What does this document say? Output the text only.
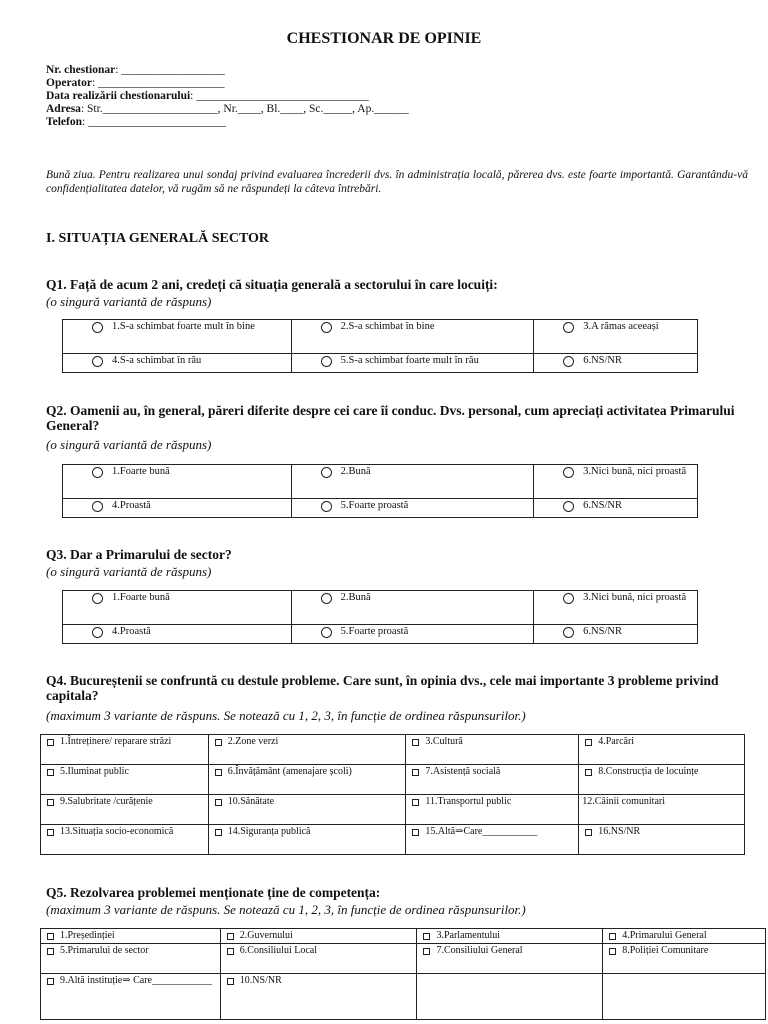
CHESTIONAR DE OPINIE
Nr. chestionar: __________________
Operator: ______________________
Data realizării chestionarului: ______________________________
Adresa: Str.____________________, Nr.____, Bl.____, Sc._____, Ap.______
Telefon: ________________________
Bună ziua. Pentru realizarea unui sondaj privind evaluarea încrederii dvs. în administrația locală, părerea dvs. este foarte importantă. Garantându-vă confidențialitatea datelor, vă rugăm să ne răspundeți la câteva întrebări.
I. SITUAȚIA GENERALĂ SECTOR
Q1. Față de acum 2 ani, credeți că situația generală a sectorului în care locuiți:
(o singură variantă de răspuns)
1.S-a schimbat foarte mult în bine	2.S-a schimbat în bine	3.A rămas aceeași

4.S-a schimbat în rău	5.S-a schimbat foarte mult în rău	6.NS/NR
Q2. Oamenii au, în general, păreri diferite despre cei care îi conduc. Dvs. personal, cum apreciați activitatea Primarului General?
(o singură variantă de răspuns)
1.Foarte bună	2.Bună	3.Nici bună, nici proastă

4.Proastă	5.Foarte proastă	6.NS/NR
Q3. Dar a Primarului de sector?
(o singură variantă de răspuns)
1.Foarte bună	2.Bună	3.Nici bună, nici proastă

4.Proastă	5.Foarte proastă	6.NS/NR
Q4. Bucureștenii se confruntă cu destule probleme. Care sunt, în opinia dvs., cele mai importante 3 probleme privind capitala?
(maximum 3 variante de răspuns. Se notează cu 1, 2, 3, în funcție de ordinea răspunsurilor.)
1.Întreținere/ reparare străzi	2.Zone verzi	3.Cultură	4.Parcări
5.Iluminat public	6.Învățământ (amenajare școli)	7.Asistență socială	8.Construcția de locuințe
9.Salubritate /curățenie	10.Sănătate	11.Transportul public	12.Câinii comunitari
13.Situația socio-economică	14.Siguranța publică	15.Altă⇒Care___________	16.NS/NR
Q5. Rezolvarea problemei menționate ține de competența:
(maximum 3 variante de răspuns. Se notează cu 1, 2, 3, în funcție de ordinea răspunsurilor.)
1.Președinției	2.Guvernului	3.Parlamentului	4.Primarului General
5.Primarului de sector	6.Consiliului Local	7.Consiliului General	8.Poliției Comunitare
9.Altă instituție⇒ Care____________	10.NS/NR		
